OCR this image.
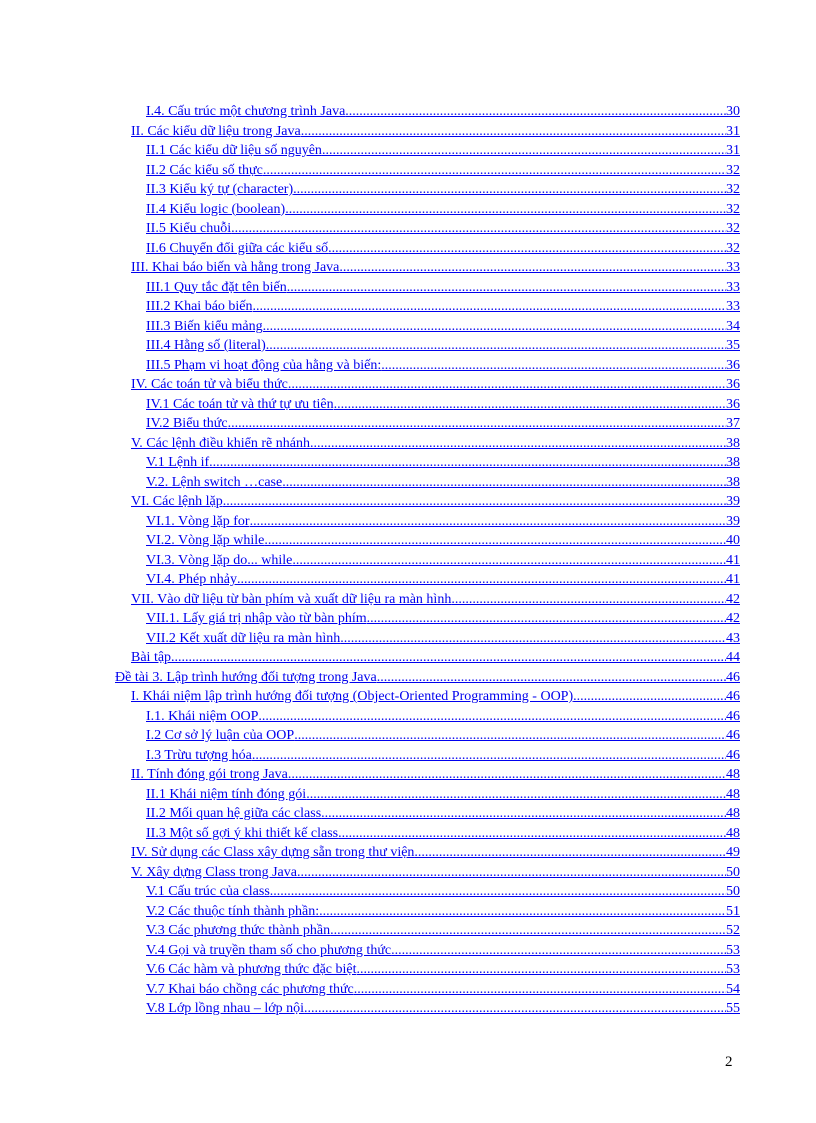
I.4. Cấu trúc một chương trình Java .....	30
II. Các kiểu dữ liệu trong Java .....	31
II.1 Các kiểu dữ liệu số nguyên .....	31
II.2 Các kiểu số thực .....	32
II.3 Kiểu ký tự (character) .....	32
II.4 Kiểu logic (boolean) .....	32
II.5 Kiểu chuỗi .....	32
II.6 Chuyển đổi giữa các kiểu số .....	32
III. Khai báo biến và hằng trong Java .....	33
III.1 Quy tắc đặt tên biến .....	33
III.2 Khai báo biến .....	33
III.3 Biến kiểu mảng .....	34
III.4 Hằng số (literal) .....	35
III.5 Phạm vi hoạt động của hằng và biến: .....	36
IV. Các toán tử và biểu thức .....	36
IV.1 Các toán tử và thứ tự ưu tiên .....	36
IV.2 Biểu thức .....	37
V. Các lệnh điều khiển rẽ nhánh .....	38
V.1 Lệnh if .....	38
V.2. Lệnh switch …case .....	38
VI. Các lệnh lặp .....	39
VI.1. Vòng lặp for .....	39
VI.2. Vòng lặp while .....	40
VI.3. Vòng lặp do... while .....	41
VI.4. Phép nhảy .....	41
VII. Vào dữ liệu từ bàn phím và xuất dữ liệu ra màn hình .....	42
VII.1. Lấy giá trị nhập vào từ bàn phím .....	42
VII.2 Kết xuất dữ liệu ra màn hình .....	43
Bài tập .....	44
Đề tài 3. Lập trình hướng đối tượng trong Java .....	46
I. Khái niệm lập trình hướng đối tượng (Object-Oriented Programming - OOP) .....	46
I.1. Khái niệm OOP .....	46
I.2 Cơ sở lý luận của OOP .....	46
I.3 Trừu tượng hóa .....	46
II. Tính đóng gói trong Java .....	48
II.1 Khái niệm tính đóng gói .....	48
II.2 Mối quan hệ giữa các class .....	48
II.3 Một số gợi ý khi thiết kế class .....	48
IV. Sử dụng các Class xây dựng sẵn trong thư viện .....	49
V. Xây dựng Class trong Java .....	50
V.1 Cấu trúc của class .....	50
V.2 Các thuộc tính thành phần: .....	51
V.3 Các phương thức thành phần .....	52
V.4 Gọi và truyền tham số cho phương thức .....	53
V.6 Các hàm và phương thức đặc biệt .....	53
V.7 Khai báo chồng các phương thức .....	54
V.8 Lớp lồng nhau – lớp nội .....	55
2
